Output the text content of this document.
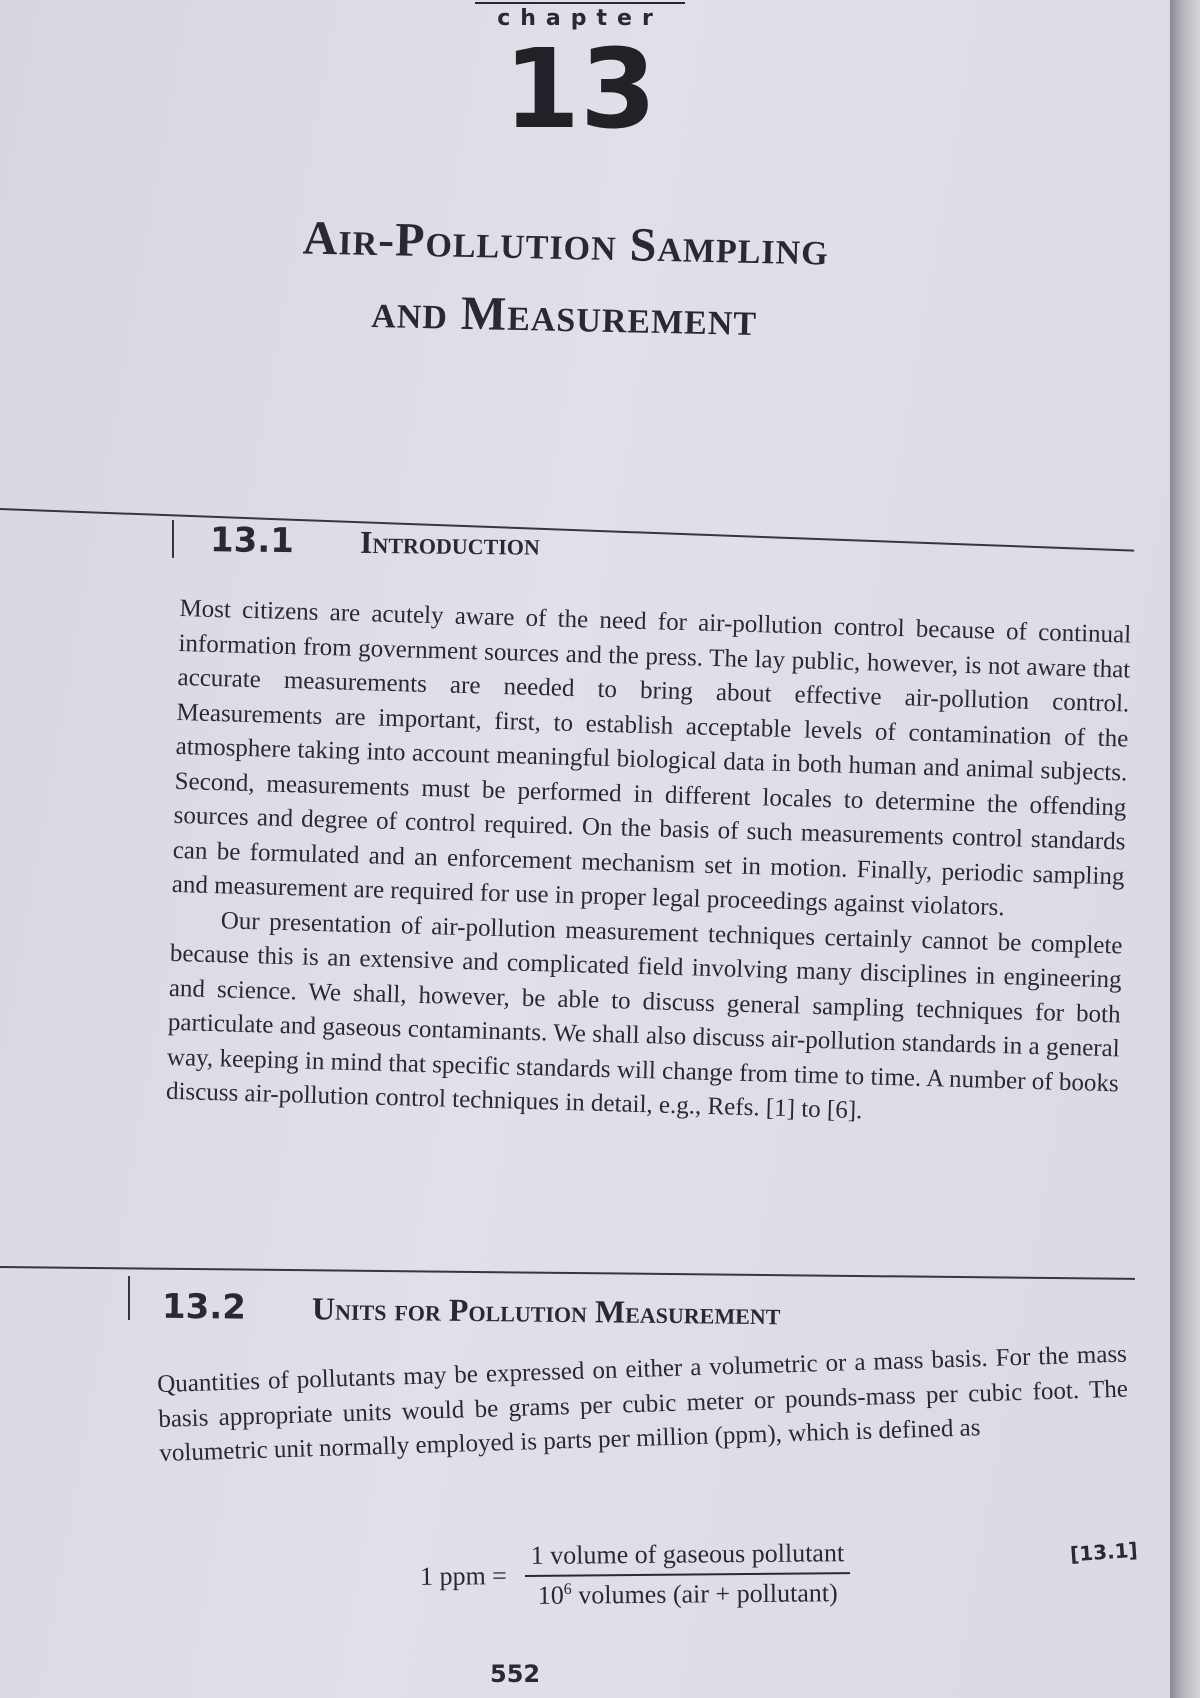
chapter
13
Air-Pollution Sampling
and Measurement
13.1	Introduction

Most citizens are acutely aware of the need for air-pollution control because of continual information from government sources and the press. The lay public, however, is not aware that accurate measurements are needed to bring about effective air-pollution control. Measurements are important, first, to establish acceptable levels of contamination of the atmosphere taking into account meaningful biological data in both human and animal subjects. Second, measurements must be performed in different locales to determine the offending sources and degree of control required. On the basis of such measurements control standards can be formulated and an enforcement mechanism set in motion. Finally, periodic sampling and measurement are required for use in proper legal proceedings against violators.

Our presentation of air-pollution measurement techniques certainly cannot be complete because this is an extensive and complicated field involving many disciplines in engineering and science. We shall, however, be able to discuss general sampling techniques for both particulate and gaseous contaminants. We shall also discuss air-pollution standards in a general way, keeping in mind that specific standards will change from time to time. A number of books discuss air-pollution control techniques in detail, e.g., Refs. [1] to [6].

13.2	Units for Pollution Measurement

Quantities of pollutants may be expressed on either a volumetric or a mass basis. For the mass basis appropriate units would be grams per cubic meter or pounds-mass per cubic foot. The volumetric unit normally employed is parts per million (ppm), which is defined as

1 ppm = $\frac{\text{1 volume of gaseous pollutant}}{10^6 volumes (air + pollutant)}$	[13.1]
552
